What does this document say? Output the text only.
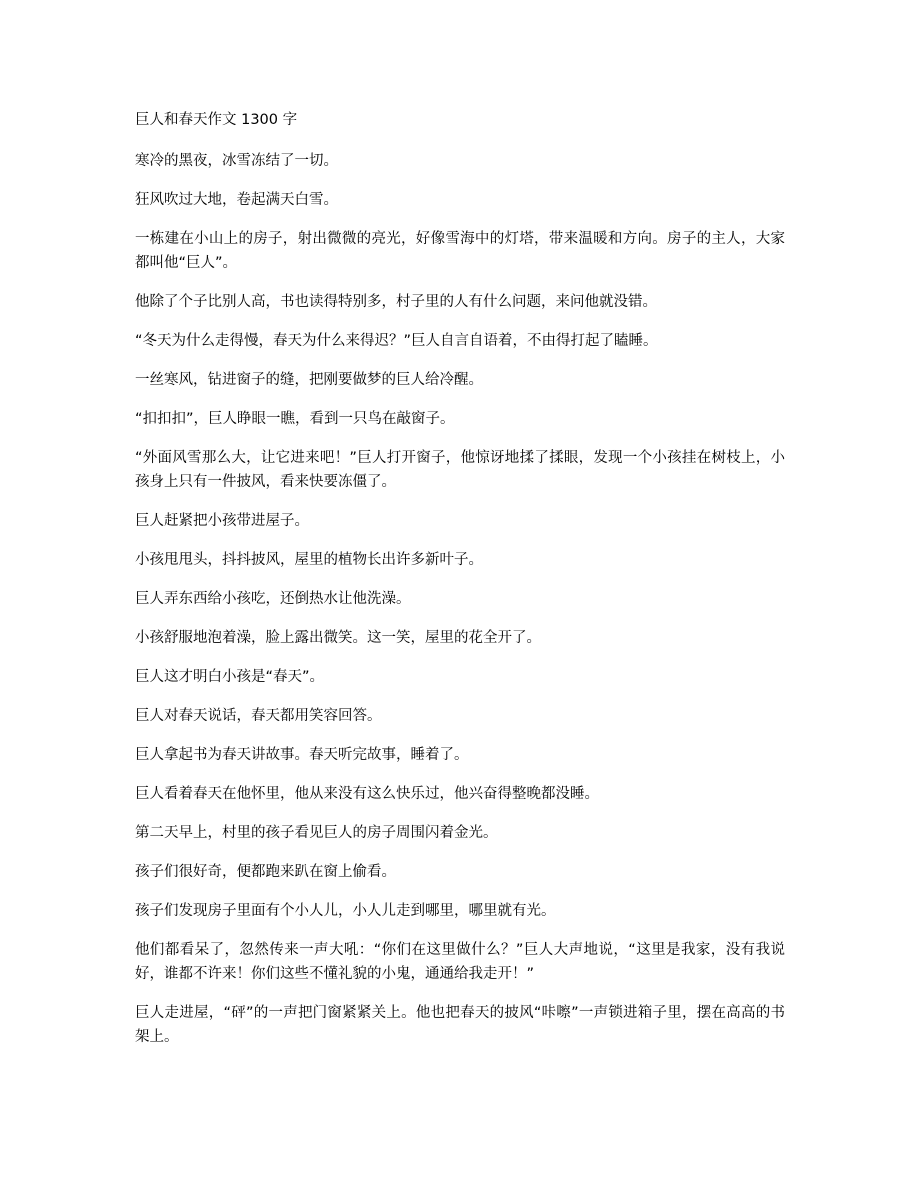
巨人和春天作文 1300 字

寒冷的黑夜，冰雪冻结了一切。

狂风吹过大地，卷起满天白雪。

一栋建在小山上的房子，射出微微的亮光，好像雪海中的灯塔，带来温暖和方向。房子的主人，大家都叫他“巨人”。

他除了个子比别人高，书也读得特别多，村子里的人有什么问题，来问他就没错。

“冬天为什么走得慢，春天为什么来得迟？”巨人自言自语着，不由得打起了瞌睡。

一丝寒风，钻进窗子的缝，把刚要做梦的巨人给冷醒。

“扣扣扣”，巨人睁眼一瞧，看到一只鸟在敲窗子。

“外面风雪那么大，让它进来吧！”巨人打开窗子，他惊讶地揉了揉眼，发现一个小孩挂在树枝上，小孩身上只有一件披风，看来快要冻僵了。

巨人赶紧把小孩带进屋子。

小孩甩甩头，抖抖披风，屋里的植物长出许多新叶子。

巨人弄东西给小孩吃，还倒热水让他洗澡。

小孩舒服地泡着澡，脸上露出微笑。这一笑，屋里的花全开了。

巨人这才明白小孩是“春天”。

巨人对春天说话，春天都用笑容回答。

巨人拿起书为春天讲故事。春天听完故事，睡着了。

巨人看着春天在他怀里，他从来没有这么快乐过，他兴奋得整晚都没睡。

第二天早上，村里的孩子看见巨人的房子周围闪着金光。

孩子们很好奇，便都跑来趴在窗上偷看。

孩子们发现房子里面有个小人儿，小人儿走到哪里，哪里就有光。

他们都看呆了，忽然传来一声大吼：“你们在这里做什么？”巨人大声地说，“这里是我家，没有我说好，谁都不许来！你们这些不懂礼貌的小鬼，通通给我走开！”

巨人走进屋，“砰”的一声把门窗紧紧关上。他也把春天的披风“咔嚓”一声锁进箱子里，摆在高高的书架上。
